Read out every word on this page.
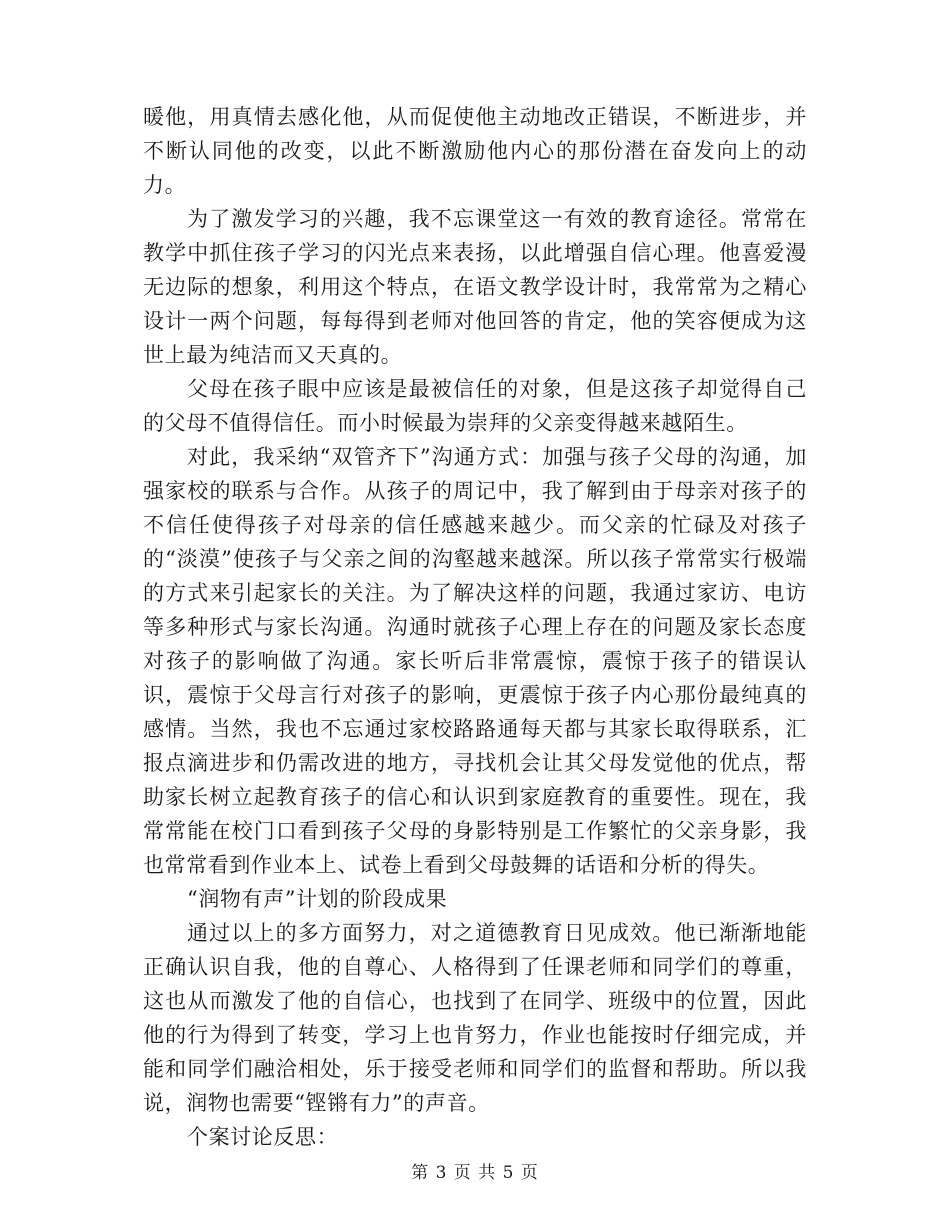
暖他，用真情去感化他，从而促使他主动地改正错误，不断进步，并不断认同他的改变，以此不断激励他内心的那份潜在奋发向上的动力。

为了激发学习的兴趣，我不忘课堂这一有效的教育途径。常常在教学中抓住孩子学习的闪光点来表扬，以此增强自信心理。他喜爱漫无边际的想象，利用这个特点，在语文教学设计时，我常常为之精心设计一两个问题，每每得到老师对他回答的肯定，他的笑容便成为这世上最为纯洁而又天真的。

父母在孩子眼中应该是最被信任的对象，但是这孩子却觉得自己的父母不值得信任。而小时候最为崇拜的父亲变得越来越陌生。

对此，我采纳“双管齐下”沟通方式：加强与孩子父母的沟通，加强家校的联系与合作。从孩子的周记中，我了解到由于母亲对孩子的不信任使得孩子对母亲的信任感越来越少。而父亲的忙碌及对孩子的“淡漠”使孩子与父亲之间的沟壑越来越深。所以孩子常常实行极端的方式来引起家长的关注。为了解决这样的问题，我通过家访、电访等多种形式与家长沟通。沟通时就孩子心理上存在的问题及家长态度对孩子的影响做了沟通。家长听后非常震惊，震惊于孩子的错误认识，震惊于父母言行对孩子的影响，更震惊于孩子内心那份最纯真的感情。当然，我也不忘通过家校路路通每天都与其家长取得联系，汇报点滴进步和仍需改进的地方，寻找机会让其父母发觉他的优点，帮助家长树立起教育孩子的信心和认识到家庭教育的重要性。现在，我常常能在校门口看到孩子父母的身影特别是工作繁忙的父亲身影，我也常常看到作业本上、试卷上看到父母鼓舞的话语和分析的得失。

“润物有声”计划的阶段成果

通过以上的多方面努力，对之道德教育日见成效。他已渐渐地能正确认识自我，他的自尊心、人格得到了任课老师和同学们的尊重，这也从而激发了他的自信心，也找到了在同学、班级中的位置，因此他的行为得到了转变，学习上也肯努力，作业也能按时仔细完成，并能和同学们融洽相处，乐于接受老师和同学们的监督和帮助。所以我说，润物也需要“铿锵有力”的声音。

个案讨论反思：

第 3 页 共 5 页
